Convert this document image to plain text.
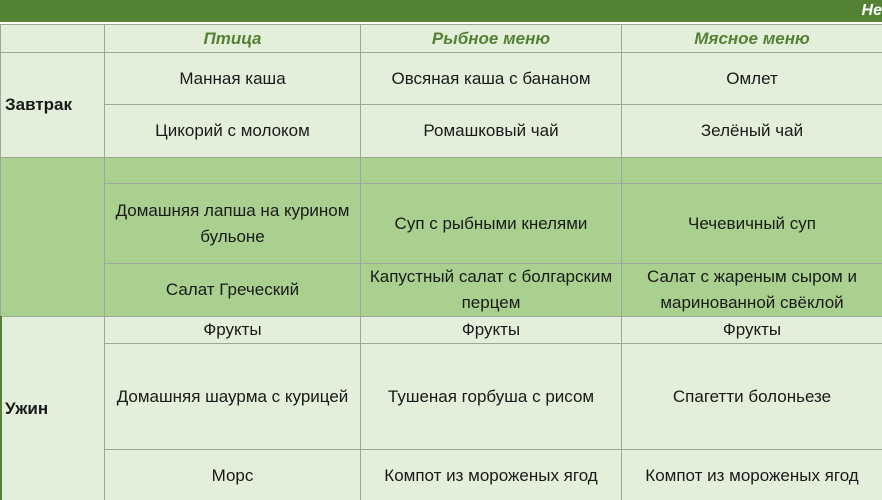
Не
	Птица	Рыбное меню	Мясное меню
Завтрак	Манная каша	Овсяная каша с бананом	Омлет
	Цикорий с молоком	Ромашковый чай	Зелёный чай

	Домашняя лапша на курином бульоне	Суп с рыбными кнелями	Чечевичный суп
	Салат Греческий	Капустный салат с болгарским перцем	Салат с жареным сыром и маринованной свёклой
Ужин	Фрукты	Фрукты	Фрукты
	Домашняя шаурма с курицей	Тушеная горбуша с рисом	Спагетти болоньезе
	Морс	Компот из мороженых ягод	Компот из мороженых ягод
